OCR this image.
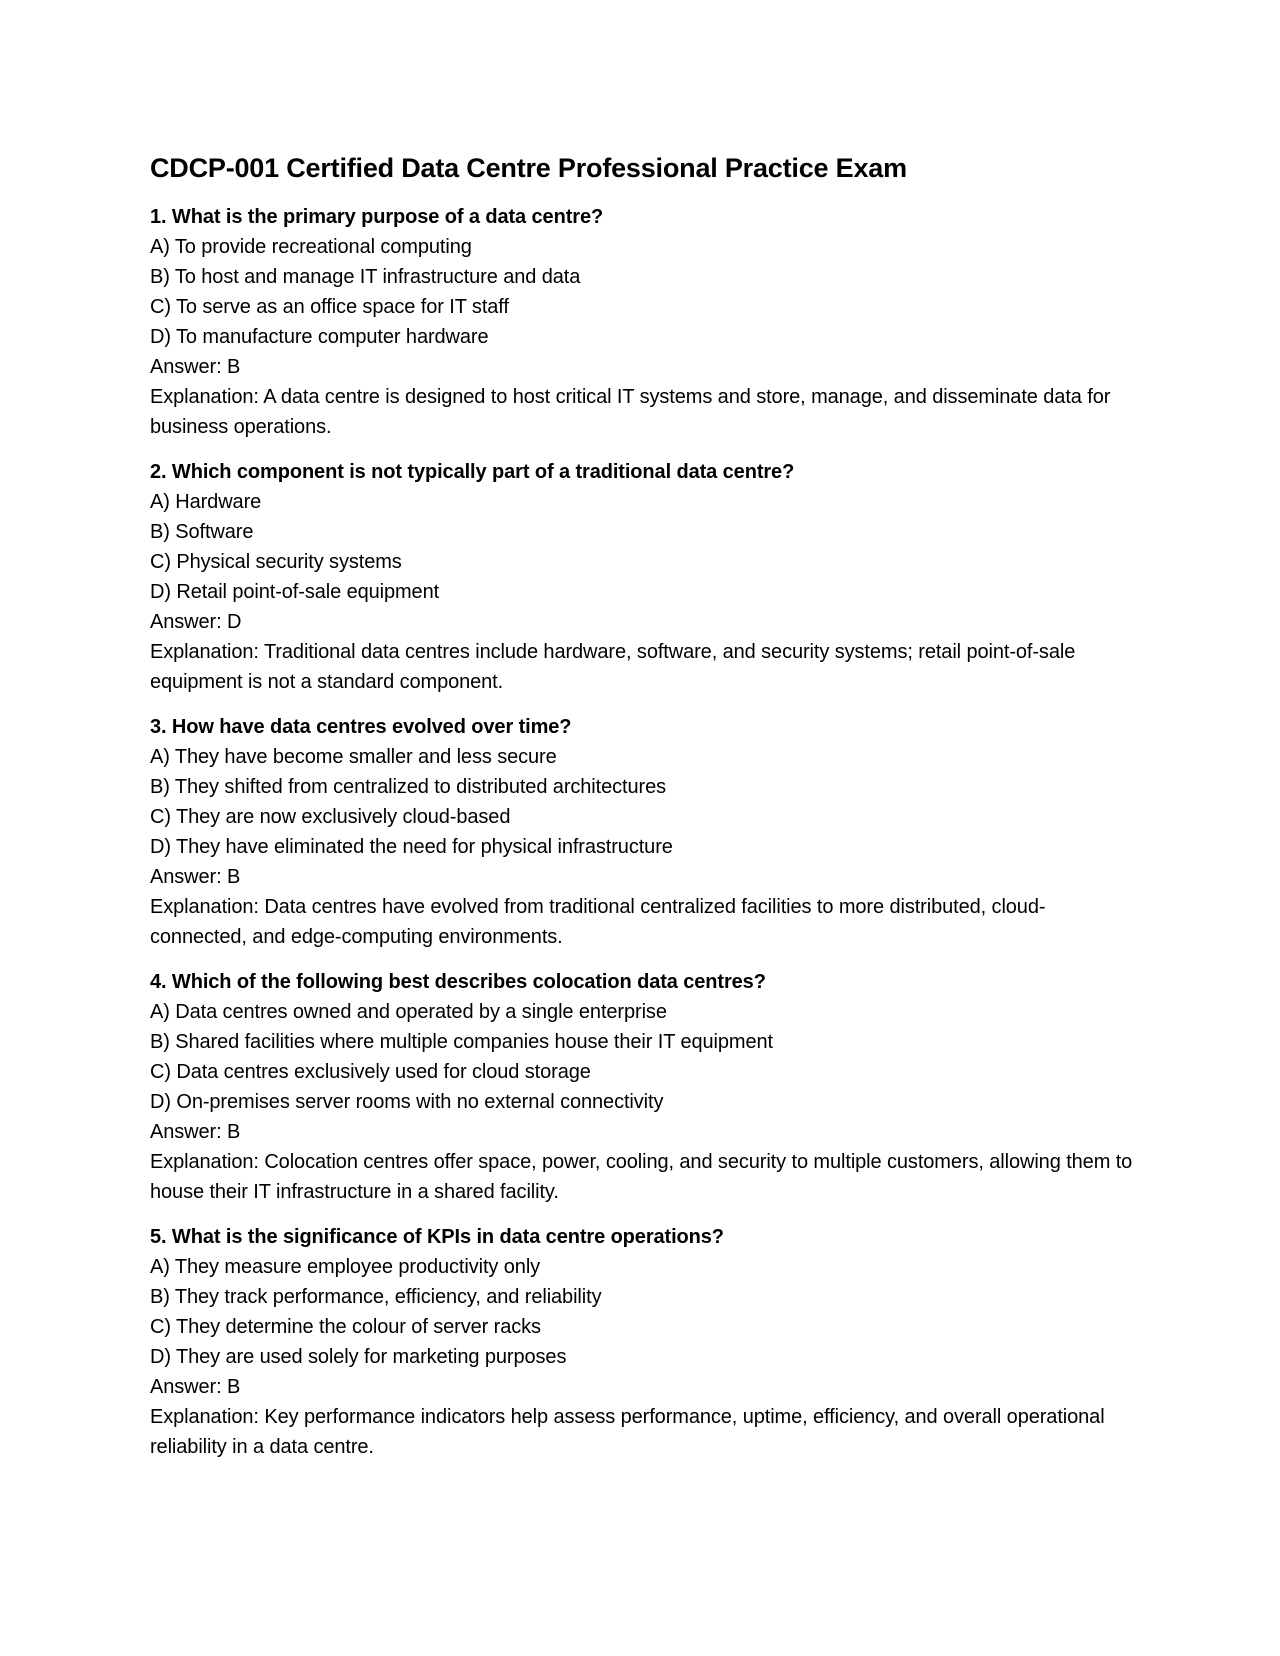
CDCP-001 Certified Data Centre Professional Practice Exam
1. What is the primary purpose of a data centre?
A) To provide recreational computing
B) To host and manage IT infrastructure and data
C) To serve as an office space for IT staff
D) To manufacture computer hardware
Answer: B
Explanation: A data centre is designed to host critical IT systems and store, manage, and disseminate data for business operations.
2. Which component is not typically part of a traditional data centre?
A) Hardware
B) Software
C) Physical security systems
D) Retail point-of-sale equipment
Answer: D
Explanation: Traditional data centres include hardware, software, and security systems; retail point-of-sale equipment is not a standard component.
3. How have data centres evolved over time?
A) They have become smaller and less secure
B) They shifted from centralized to distributed architectures
C) They are now exclusively cloud-based
D) They have eliminated the need for physical infrastructure
Answer: B
Explanation: Data centres have evolved from traditional centralized facilities to more distributed, cloud-connected, and edge-computing environments.
4. Which of the following best describes colocation data centres?
A) Data centres owned and operated by a single enterprise
B) Shared facilities where multiple companies house their IT equipment
C) Data centres exclusively used for cloud storage
D) On-premises server rooms with no external connectivity
Answer: B
Explanation: Colocation centres offer space, power, cooling, and security to multiple customers, allowing them to house their IT infrastructure in a shared facility.
5. What is the significance of KPIs in data centre operations?
A) They measure employee productivity only
B) They track performance, efficiency, and reliability
C) They determine the colour of server racks
D) They are used solely for marketing purposes
Answer: B
Explanation: Key performance indicators help assess performance, uptime, efficiency, and overall operational reliability in a data centre.
